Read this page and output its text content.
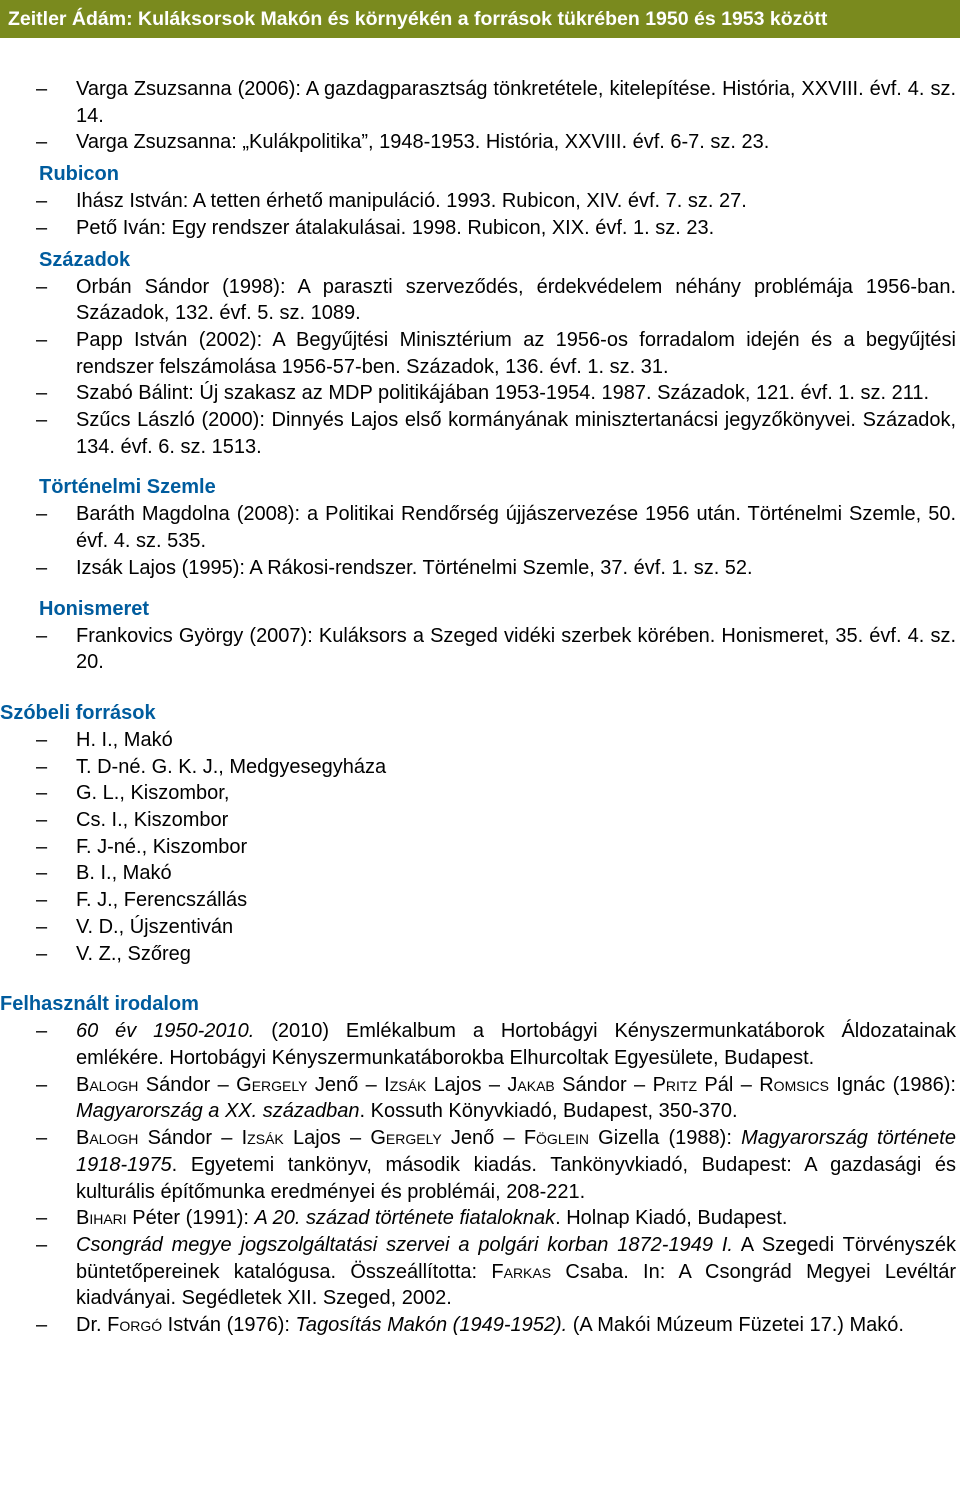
Zeitler Ádám: Kuláksorsok Makón és környékén a források tükrében 1950 és 1953 között
– Varga Zsuzsanna (2006): A gazdagparasztság tönkretétele, kitelepítése. História, XXVIII. évf. 4. sz. 14.
– Varga Zsuzsanna: „Kulákpolitika”, 1948-1953. História, XXVIII. évf. 6-7. sz. 23.
Rubicon
– Ihász István: A tetten érhető manipuláció. 1993. Rubicon, XIV. évf. 7. sz. 27.
– Pető Iván: Egy rendszer átalakulásai. 1998. Rubicon, XIX. évf. 1. sz. 23.
Századok
– Orbán Sándor (1998): A paraszti szerveződés, érdekvédelem néhány problémája 1956-ban. Századok, 132. évf. 5. sz. 1089.
– Papp István (2002): A Begyűjtési Minisztérium az 1956-os forradalom idején és a begyűjtési rendszer felszámolása 1956-57-ben. Századok, 136. évf. 1. sz. 31.
– Szabó Bálint: Új szakasz az MDP politikájában 1953-1954. 1987. Századok, 121. évf. 1. sz. 211.
– Szűcs László (2000): Dinnyés Lajos első kormányának minisztertanácsi jegyzőkönyvei. Századok, 134. évf. 6. sz. 1513.
Történelmi Szemle
– Baráth Magdolna (2008): a Politikai Rendőrség újjászervezése 1956 után. Történelmi Szemle, 50. évf. 4. sz. 535.
– Izsák Lajos (1995): A Rákosi-rendszer. Történelmi Szemle, 37. évf. 1. sz. 52.
Honismeret
– Frankovics György (2007): Kuláksors a Szeged vidéki szerbek körében. Honismeret, 35. évf. 4. sz. 20.
Szóbeli források
– H. I., Makó
– T. D-né. G. K. J., Medgyesegyháza
– G. L., Kiszombor,
– Cs. I., Kiszombor
– F. J-né., Kiszombor
– B. I., Makó
– F. J., Ferencszállás
– V. D., Újszentiván
– V. Z., Szőreg
Felhasznált irodalom
– 60 év 1950-2010. (2010) Emlékalbum a Hortobágyi Kényszermunkatáborok Áldozatainak emlékére. Hortobágyi Kényszermunkatáborokba Elhurcoltak Egyesülete, Budapest.
– Balogh Sándor – Gergely Jenő – Izsák Lajos – Jakab Sándor – Pritz Pál – Romsics Ignác (1986): Magyarország a XX. században. Kossuth Könyvkiadó, Budapest, 350-370.
– Balogh Sándor – Izsák Lajos – Gergely Jenő – Föglein Gizella (1988): Magyarország története 1918-1975. Egyetemi tankönyv, második kiadás. Tankönyvkiadó, Budapest: A gazdasági és kulturális építőmunka eredményei és problémái, 208-221.
– Bihari Péter (1991): A 20. század története fiataloknak. Holnap Kiadó, Budapest.
– Csongrád megye jogszolgáltatási szervei a polgári korban 1872-1949 I. A Szegedi Törvényszék büntetőpereinek katalógusa. Összeállította: Farkas Csaba. In: A Csongrád Megyei Levéltár kiadványai. Segédletek XII. Szeged, 2002.
– Dr. Forgó István (1976): Tagosítás Makón (1949-1952). (A Makói Múzeum Füzetei 17.) Makó.
